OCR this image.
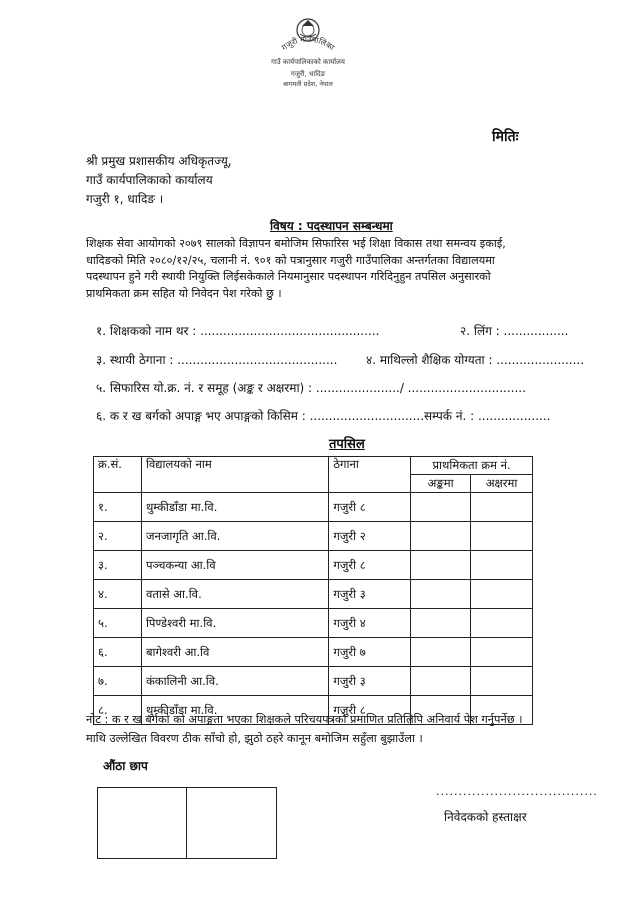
गजुरी गाउँपालिका
गाउँ कार्यपालिकाको कार्यालय
गजुरी, धादिङ
बागमती प्रदेश, नेपाल
मितिः
श्री प्रमुख प्रशासकीय अधिकृतज्यू,
गाउँ कार्यपालिकाको कार्यालय
गजुरी १, धादिङ ।
विषय : पदस्थापन सम्बन्धमा
शिक्षक सेवा आयोगको २०७९ सालको विज्ञापन बमोजिम सिफारिस भई शिक्षा विकास तथा समन्वय इकाई,
धादिङको मिति २०८०/१२/२५, चलानी नं. ९०१ को पत्रानुसार गजुरी गाउँपालिका अन्तर्गतका विद्यालयमा
पदस्थापन हुने गरी स्थायी नियुक्ति लिईसकेकाले नियमानुसार पदस्थापन गरिदिनुहुन तपसिल अनुसारको
प्राथमिकता क्रम सहित यो निवेदन पेश गरेको छु ।
१. शिक्षकको नाम थर : ...............................................	२. लिंग : .................
३. स्थायी ठेगाना : .......................................... ४. माथिल्लो शैक्षिक योग्यता : .......................
५. सिफारिस यो.क्र. नं. र समूह (अङ्क र अक्षरमा) : ....................../ ...............................
६. क र ख बर्गको अपाङ्ग भए अपाङ्गको किसिम : ..............................सम्पर्क नं. : ...................
तपसिल
क्र.सं.	विद्यालयको नाम	ठेगाना	प्राथमिकता क्रम नं.	
			अङ्कमा	अक्षरमा
१.	थुम्कीडाँडा मा.वि.	गजुरी ८		
२.	जनजागृति आ.वि.	गजुरी २		
३.	पञ्चकन्या आ.वि	गजुरी ८		
४.	वतासे आ.वि.	गजुरी ३		
५.	पिण्डेश्वरी मा.वि.	गजुरी ४		
६.	बागेश्वरी आ.वि	गजुरी ७		
७.	कंकालिनी आ.वि.	गजुरी ३		
८.	थुम्कीडाँडा मा.वि.	गजुरी ८		
नोट : क र ख बर्गको को अपाङ्गता भएका शिक्षकले परिचयपत्रको प्रमाणित प्रतिलिपि अनिवार्य पेश गर्नुपर्नेछ ।
माथि उल्लेखित विवरण ठीक साँचो हो, झुठो ठहरे कानून बमोजिम सहुँला बुझाउँला ।
औंठा छाप
....................................
निवेदकको हस्ताक्षर
